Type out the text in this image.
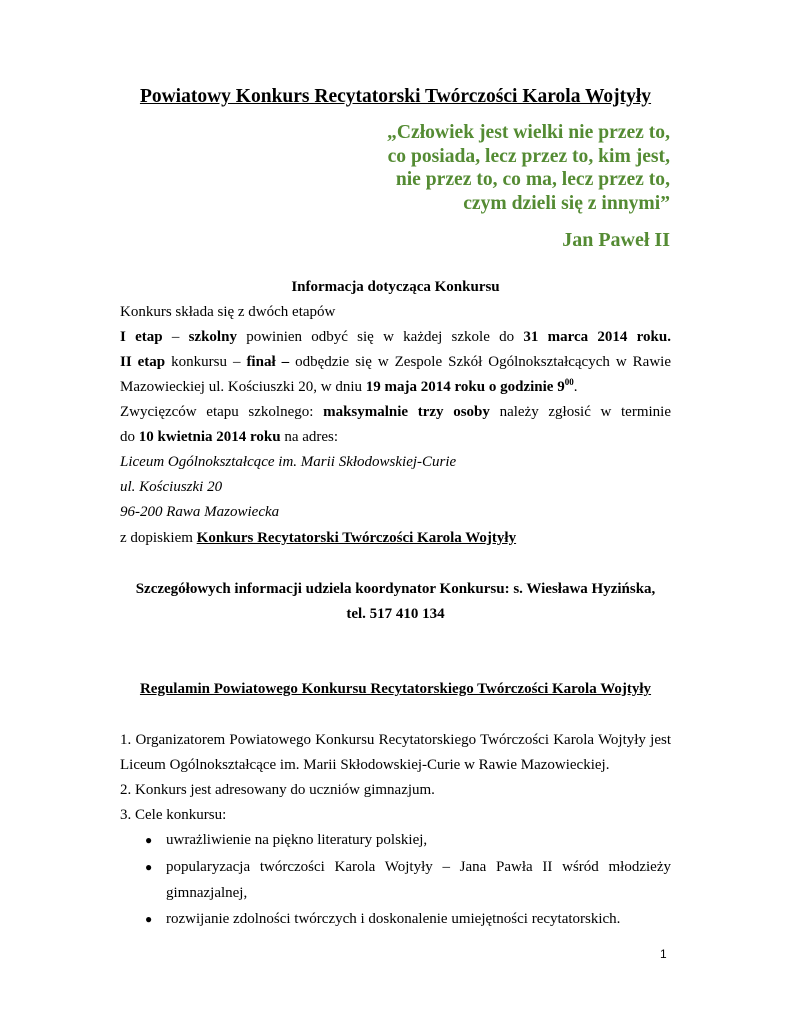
Powiatowy Konkurs Recytatorski Twórczości Karola Wojtyły
„Człowiek jest wielki nie przez to,
co posiada, lecz przez to, kim jest,
nie przez to, co ma, lecz przez to,
czym dzieli się z innymi”
Jan Paweł II
Informacja dotycząca Konkursu
Konkurs składa się z dwóch etapów
I etap – szkolny powinien odbyć się w każdej szkole do 31 marca 2014 roku.
II etap konkursu – finał – odbędzie się w Zespole Szkół Ogólnokształcących w Rawie
Mazowieckiej ul. Kościuszki 20, w dniu 19 maja 2014 roku o godzinie $9^{00}$.
Zwycięzców etapu szkolnego: maksymalnie trzy osoby należy zgłosić w terminie
do 10 kwietnia 2014 roku na adres:
Liceum Ogólnokształcące im. Marii Skłodowskiej-Curie
ul. Kościuszki 20
96-200 Rawa Mazowiecka
z dopiskiem Konkurs Recytatorski Twórczości Karola Wojtyły
Szczegółowych informacji udziela koordynator Konkursu: s. Wiesława Hyzińska,
tel. 517 410 134
Regulamin Powiatowego Konkursu Recytatorskiego Twórczości Karola Wojtyły
1. Organizatorem Powiatowego Konkursu Recytatorskiego Twórczości Karola Wojtyły jest
Liceum Ogólnokształcące im. Marii Skłodowskiej-Curie w Rawie Mazowieckiej.
2. Konkurs jest adresowany do uczniów gimnazjum.
3. Cele konkursu:
● uwrażliwienie na piękno literatury polskiej,
● popularyzacja twórczości Karola Wojtyły – Jana Pawła II wśród młodzieży
gimnazjalnej,
● rozwijanie zdolności twórczych i doskonalenie umiejętności recytatorskich.
1
